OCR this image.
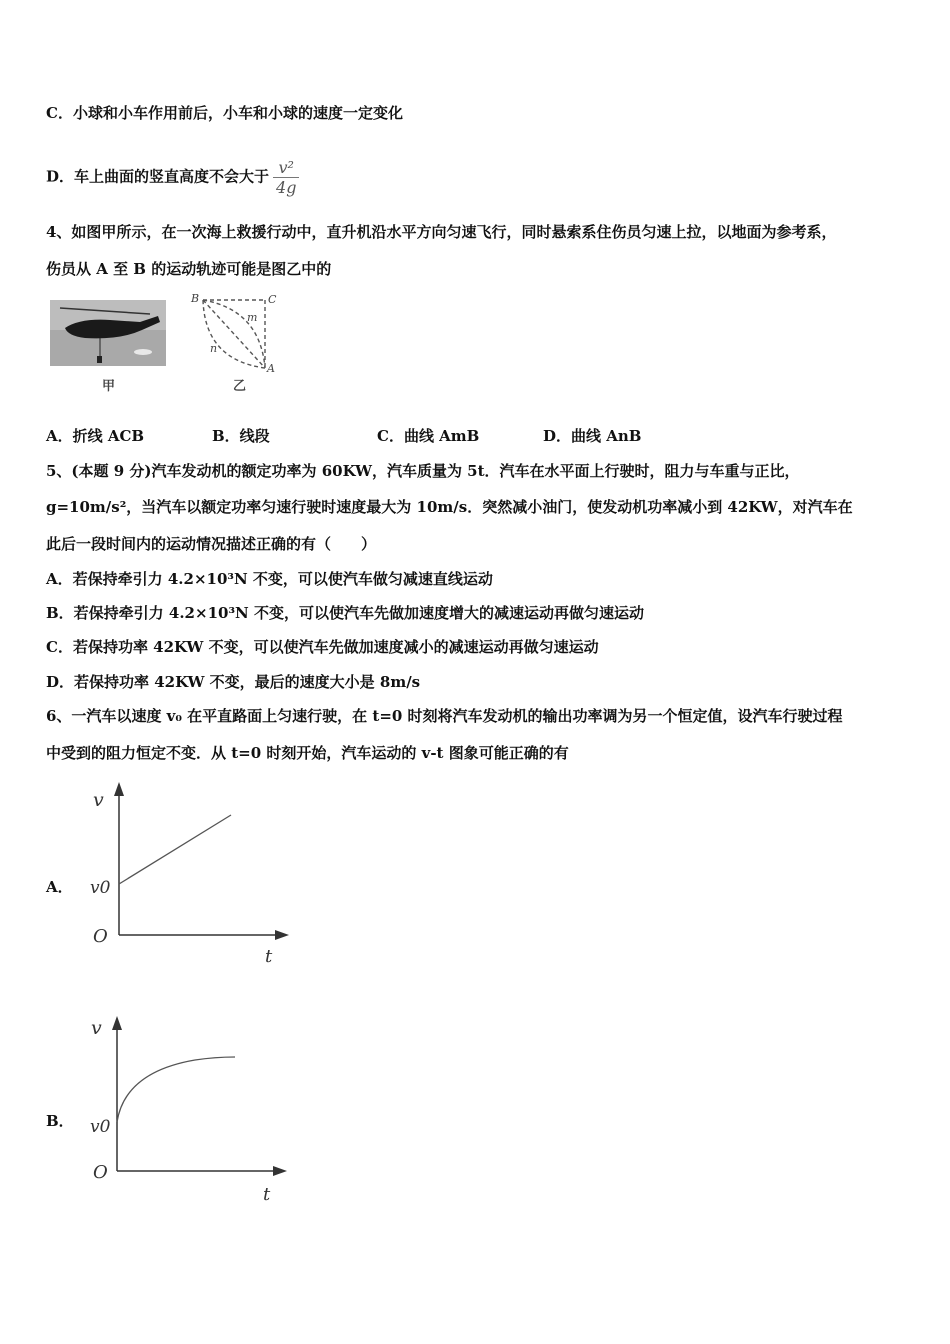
C．小球和小车作用前后，小车和小球的速度一定变化
D．车上曲面的竖直高度不会大于 $\frac{\text{v²}}{4g}$
4、如图甲所示，在一次海上救援行动中，直升机沿水平方向匀速飞行，同时悬索系住伤员匀速上拉，以地面为参考系，
伤员从 A 至 B 的运动轨迹可能是图乙中的
甲
B	C
A
m
n
乙
A．折线 ACB	B．线段	C．曲线 AmB	D．曲线 AnB
5、(本题 9 分)汽车发动机的额定功率为 60KW，汽车质量为 5t．汽车在水平面上行驶时，阻力与车重与正比，
g=10m/s²，当汽车以额定功率匀速行驶时速度最大为 10m/s．突然减小油门，使发动机功率减小到 42KW，对汽车在
此后一段时间内的运动情况描述正确的有（　　）
A．若保持牵引力 4.2×10³N 不变，可以使汽车做匀减速直线运动
B．若保持牵引力 4.2×10³N 不变，可以使汽车先做加速度增大的减速运动再做匀速运动
C．若保持功率 42KW 不变，可以使汽车先做加速度减小的减速运动再做匀速运动
D．若保持功率 42KW 不变，最后的速度大小是 8m/s
6、一汽车以速度 v₀ 在平直路面上匀速行驶，在 t=0 时刻将汽车发动机的输出功率调为另一个恒定值，设汽车行驶过程
中受到的阻力恒定不变．从 t=0 时刻开始，汽车运动的 v-t 图象可能正确的有
A．
v
v0
O
t
B．
v
v0
O
t
